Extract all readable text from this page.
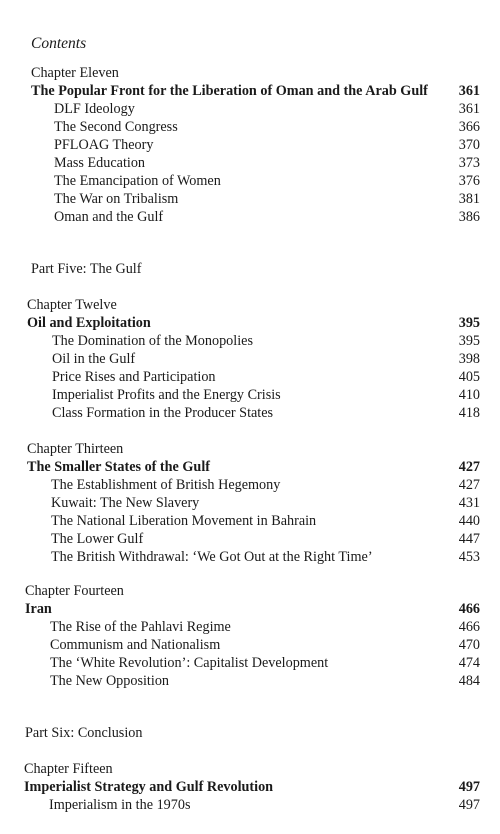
Contents
Chapter Eleven
The Popular Front for the Liberation of Oman and the Arab Gulf	361
DLF Ideology	361
The Second Congress	366
PFLOAG Theory	370
Mass Education	373
The Emancipation of Women	376
The War on Tribalism	381
Oman and the Gulf	386
Part Five: The Gulf
Chapter Twelve
Oil and Exploitation	395
The Domination of the Monopolies	395
Oil in the Gulf	398
Price Rises and Participation	405
Imperialist Profits and the Energy Crisis	410
Class Formation in the Producer States	418
Chapter Thirteen
The Smaller States of the Gulf	427
The Establishment of British Hegemony	427
Kuwait: The New Slavery	431
The National Liberation Movement in Bahrain	440
The Lower Gulf	447
The British Withdrawal: ‘We Got Out at the Right Time’	453
Chapter Fourteen
Iran	466
The Rise of the Pahlavi Regime	466
Communism and Nationalism	470
The ‘White Revolution’: Capitalist Development	474
The New Opposition	484
Part Six: Conclusion
Chapter Fifteen
Imperialist Strategy and Gulf Revolution	497
Imperialism in the 1970s	497
